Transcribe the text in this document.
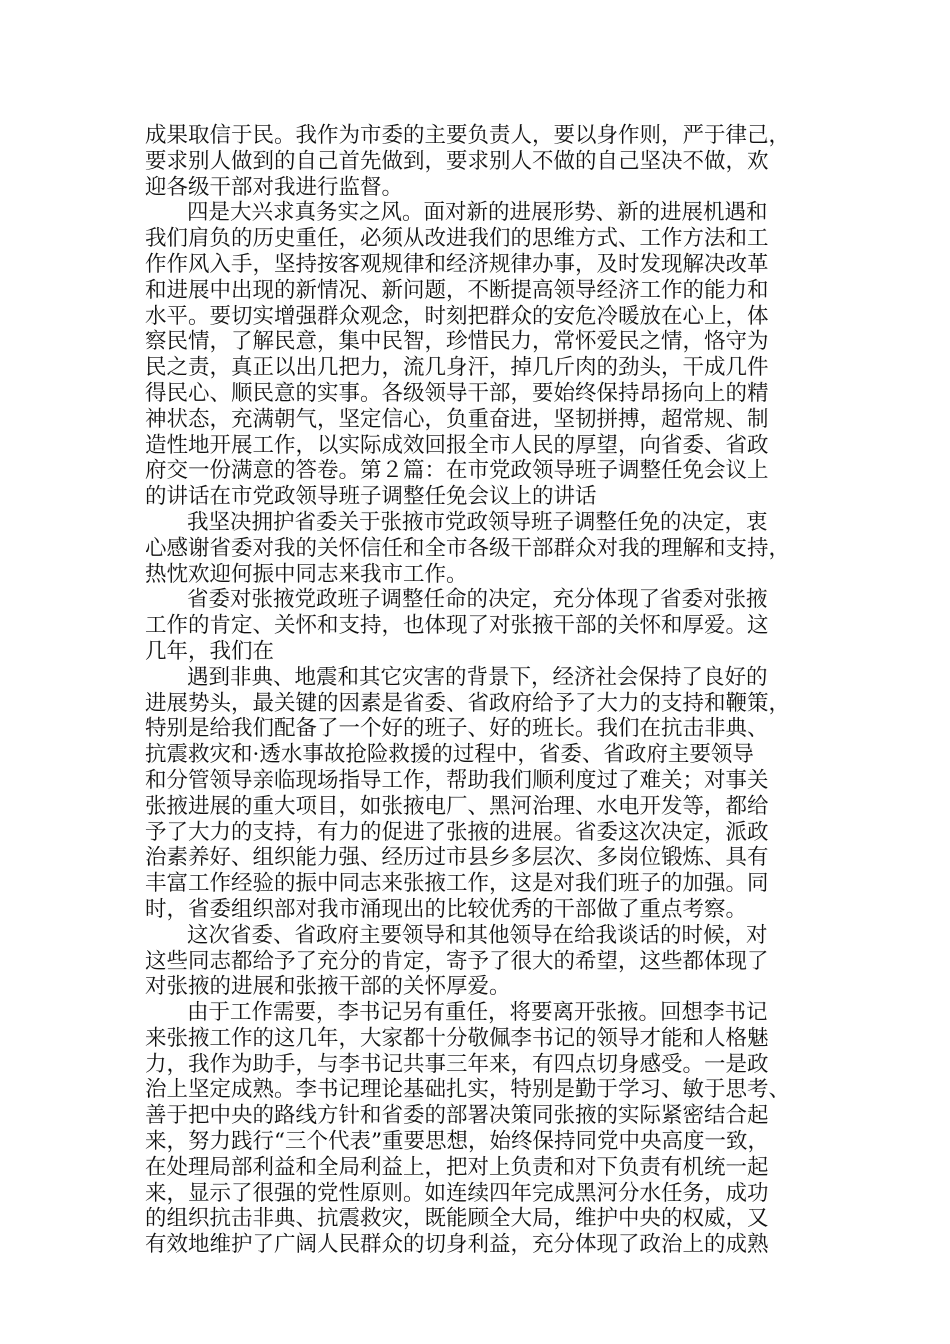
成果取信于民。我作为市委的主要负责人，要以身作则，严于律己，
要求别人做到的自己首先做到，要求别人不做的自己坚决不做，欢
迎各级干部对我进行监督。
四是大兴求真务实之风。面对新的进展形势、新的进展机遇和
我们肩负的历史重任，必须从改进我们的思维方式、工作方法和工
作作风入手，坚持按客观规律和经济规律办事，及时发现解决改革
和进展中出现的新情况、新问题，不断提高领导经济工作的能力和
水平。要切实增强群众观念，时刻把群众的安危冷暖放在心上，体
察民情，了解民意，集中民智，珍惜民力，常怀爱民之情，恪守为
民之责，真正以出几把力，流几身汗，掉几斤肉的劲头，干成几件
得民心、顺民意的实事。各级领导干部，要始终保持昂扬向上的精
神状态，充满朝气，坚定信心，负重奋进，坚韧拼搏，超常规、制
造性地开展工作，以实际成效回报全市人民的厚望，向省委、省政
府交一份满意的答卷。第２篇：在市党政领导班子调整任免会议上
的讲话在市党政领导班子调整任免会议上的讲话
我坚决拥护省委关于张掖市党政领导班子调整任免的决定，衷
心感谢省委对我的关怀信任和全市各级干部群众对我的理解和支持，
热忱欢迎何振中同志来我市工作。
省委对张掖党政班子调整任命的决定，充分体现了省委对张掖
工作的肯定、关怀和支持，也体现了对张掖干部的关怀和厚爱。这
几年，我们在
遇到非典、地震和其它灾害的背景下，经济社会保持了良好的
进展势头，最关键的因素是省委、省政府给予了大力的支持和鞭策，
特别是给我们配备了一个好的班子、好的班长。我们在抗击非典、
抗震救灾和·透水事故抢险救援的过程中，省委、省政府主要领导
和分管领导亲临现场指导工作，帮助我们顺利度过了难关；对事关
张掖进展的重大项目，如张掖电厂、黑河治理、水电开发等，都给
予了大力的支持，有力的促进了张掖的进展。省委这次决定，派政
治素养好、组织能力强、经历过市县乡多层次、多岗位锻炼、具有
丰富工作经验的振中同志来张掖工作，这是对我们班子的加强。同
时，省委组织部对我市涌现出的比较优秀的干部做了重点考察。
这次省委、省政府主要领导和其他领导在给我谈话的时候，对
这些同志都给予了充分的肯定，寄予了很大的希望，这些都体现了
对张掖的进展和张掖干部的关怀厚爱。
由于工作需要，李书记另有重任，将要离开张掖。回想李书记
来张掖工作的这几年，大家都十分敬佩李书记的领导才能和人格魅
力，我作为助手，与李书记共事三年来，有四点切身感受。一是政
治上坚定成熟。李书记理论基础扎实，特别是勤于学习、敏于思考、
善于把中央的路线方针和省委的部署决策同张掖的实际紧密结合起
来，努力践行“三个代表”重要思想，始终保持同党中央高度一致，
在处理局部利益和全局利益上，把对上负责和对下负责有机统一起
来，显示了很强的党性原则。如连续四年完成黑河分水任务，成功
的组织抗击非典、抗震救灾，既能顾全大局，维护中央的权威，又
有效地维护了广阔人民群众的切身利益，充分体现了政治上的成熟
